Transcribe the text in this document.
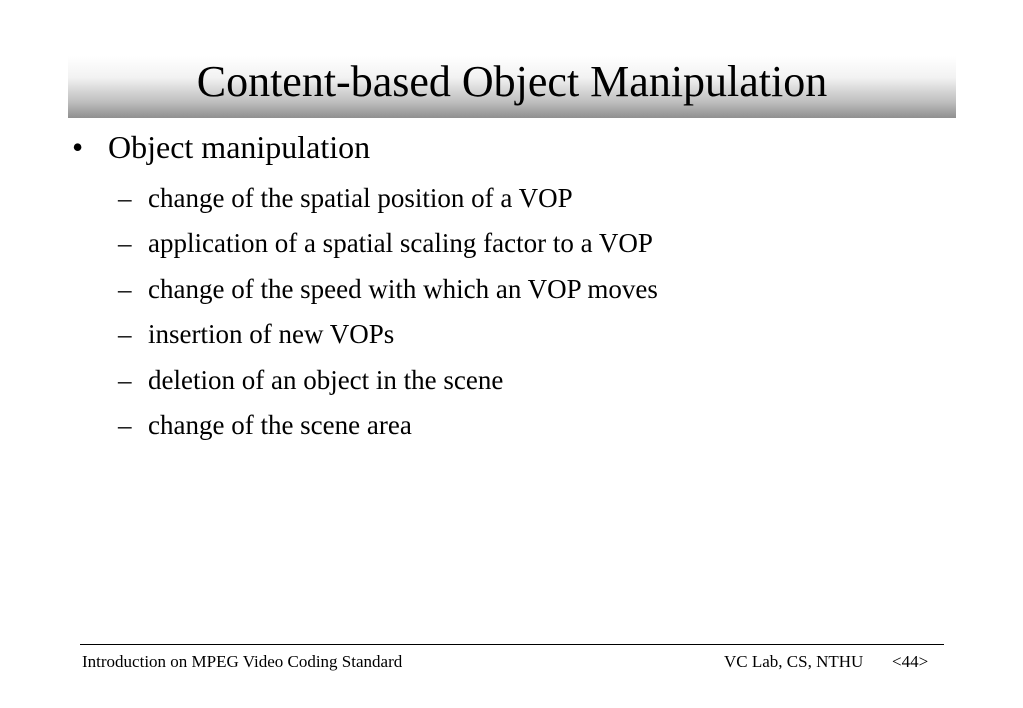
Content-based Object Manipulation
• Object manipulation
– change of the spatial position of a VOP
– application of a spatial scaling factor to a VOP
– change of the speed with which an VOP moves
– insertion of new VOPs
– deletion of an object in the scene
– change of the scene area
Introduction on MPEG Video Coding Standard	VC Lab, CS, NTHU <44>
